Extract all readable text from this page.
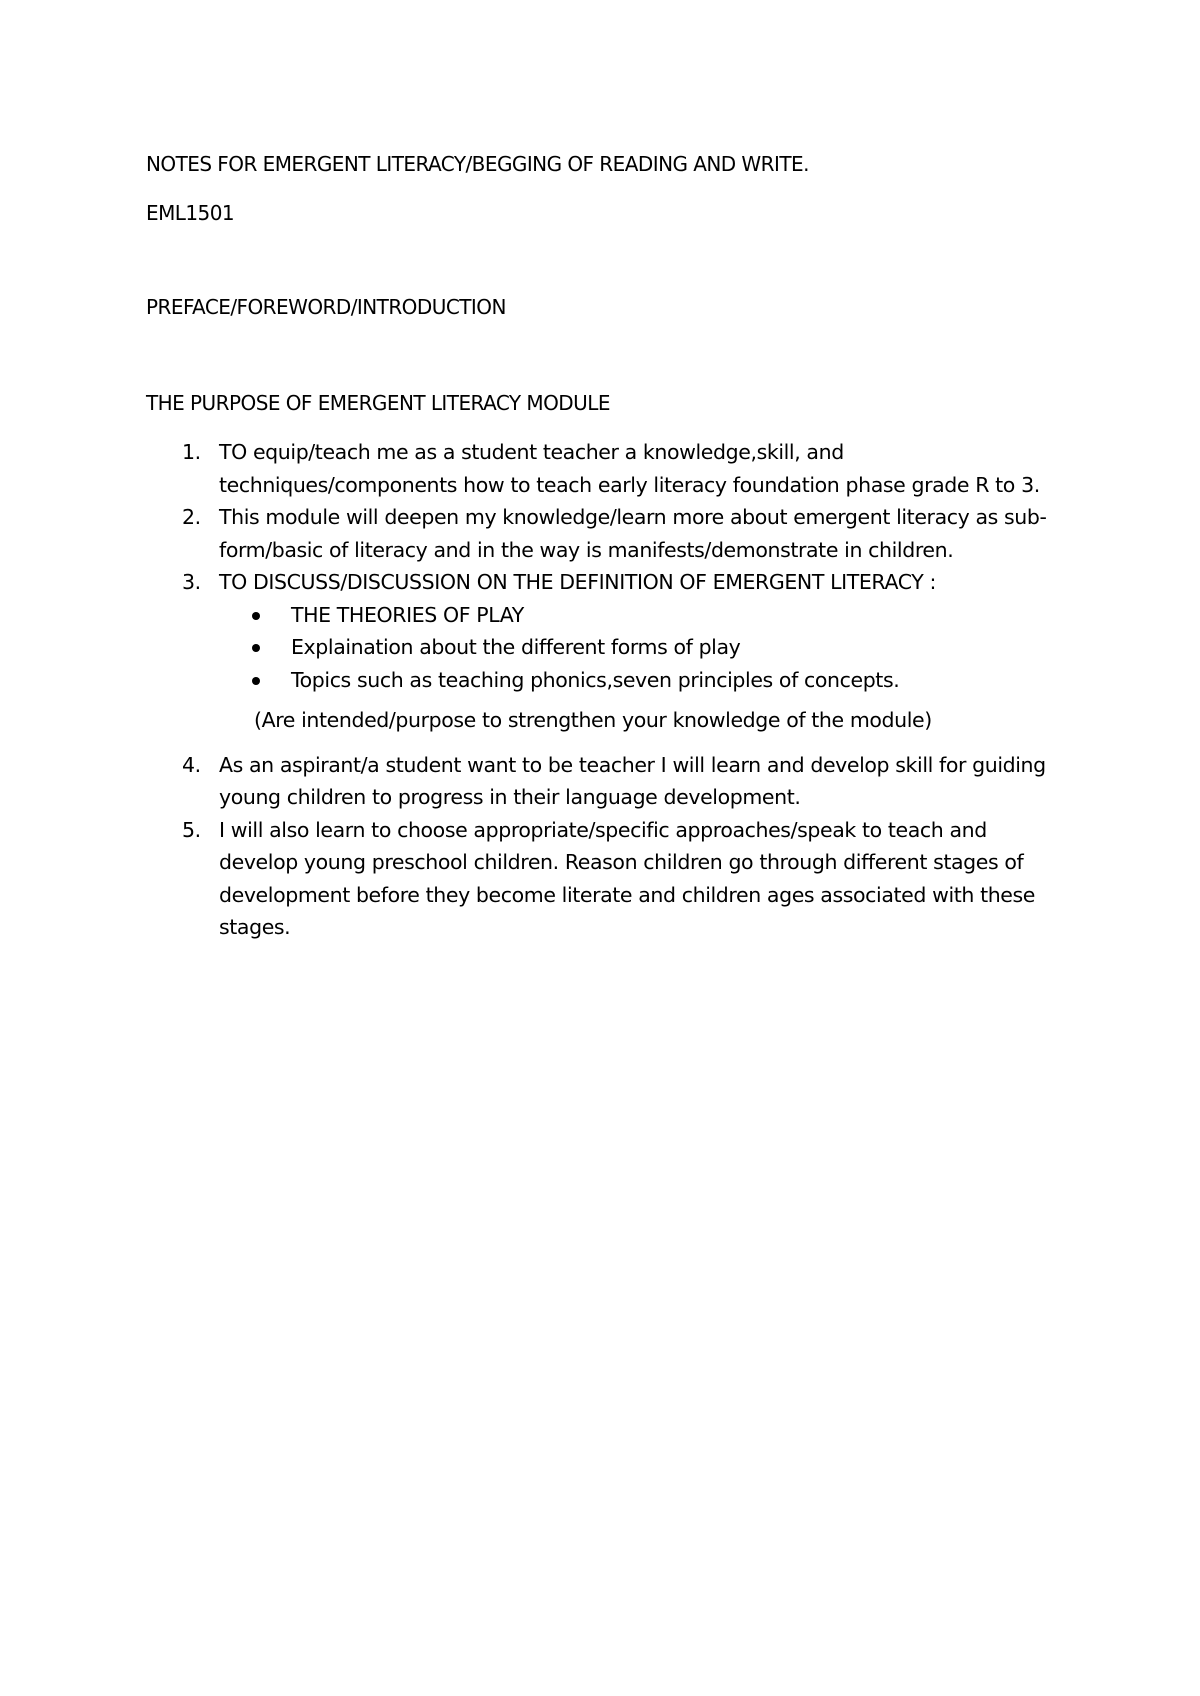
NOTES FOR EMERGENT LITERACY/BEGGING OF READING AND WRITE.
EML1501
PREFACE/FOREWORD/INTRODUCTION
THE PURPOSE OF EMERGENT LITERACY MODULE
1. TO equip/teach me as a student teacher a knowledge,skill, and
techniques/components how to teach early literacy foundation phase grade R to 3.
2. This module will deepen my knowledge/learn more about emergent literacy as sub-
form/basic of literacy and in the way is manifests/demonstrate in children.
3. TO DISCUSS/DISCUSSION ON THE DEFINITION OF EMERGENT LITERACY :
THE THEORIES OF PLAY
Explaination about the different forms of play
Topics such as teaching phonics,seven principles of concepts.
(Are intended/purpose to strengthen your knowledge of the module)
4. As an aspirant/a student want to be teacher I will learn and develop skill for guiding
young children to progress in their language development.
5. I will also learn to choose appropriate/specific approaches/speak to teach and
develop young preschool children. Reason children go through different stages of
development before they become literate and children ages associated with these
stages.
